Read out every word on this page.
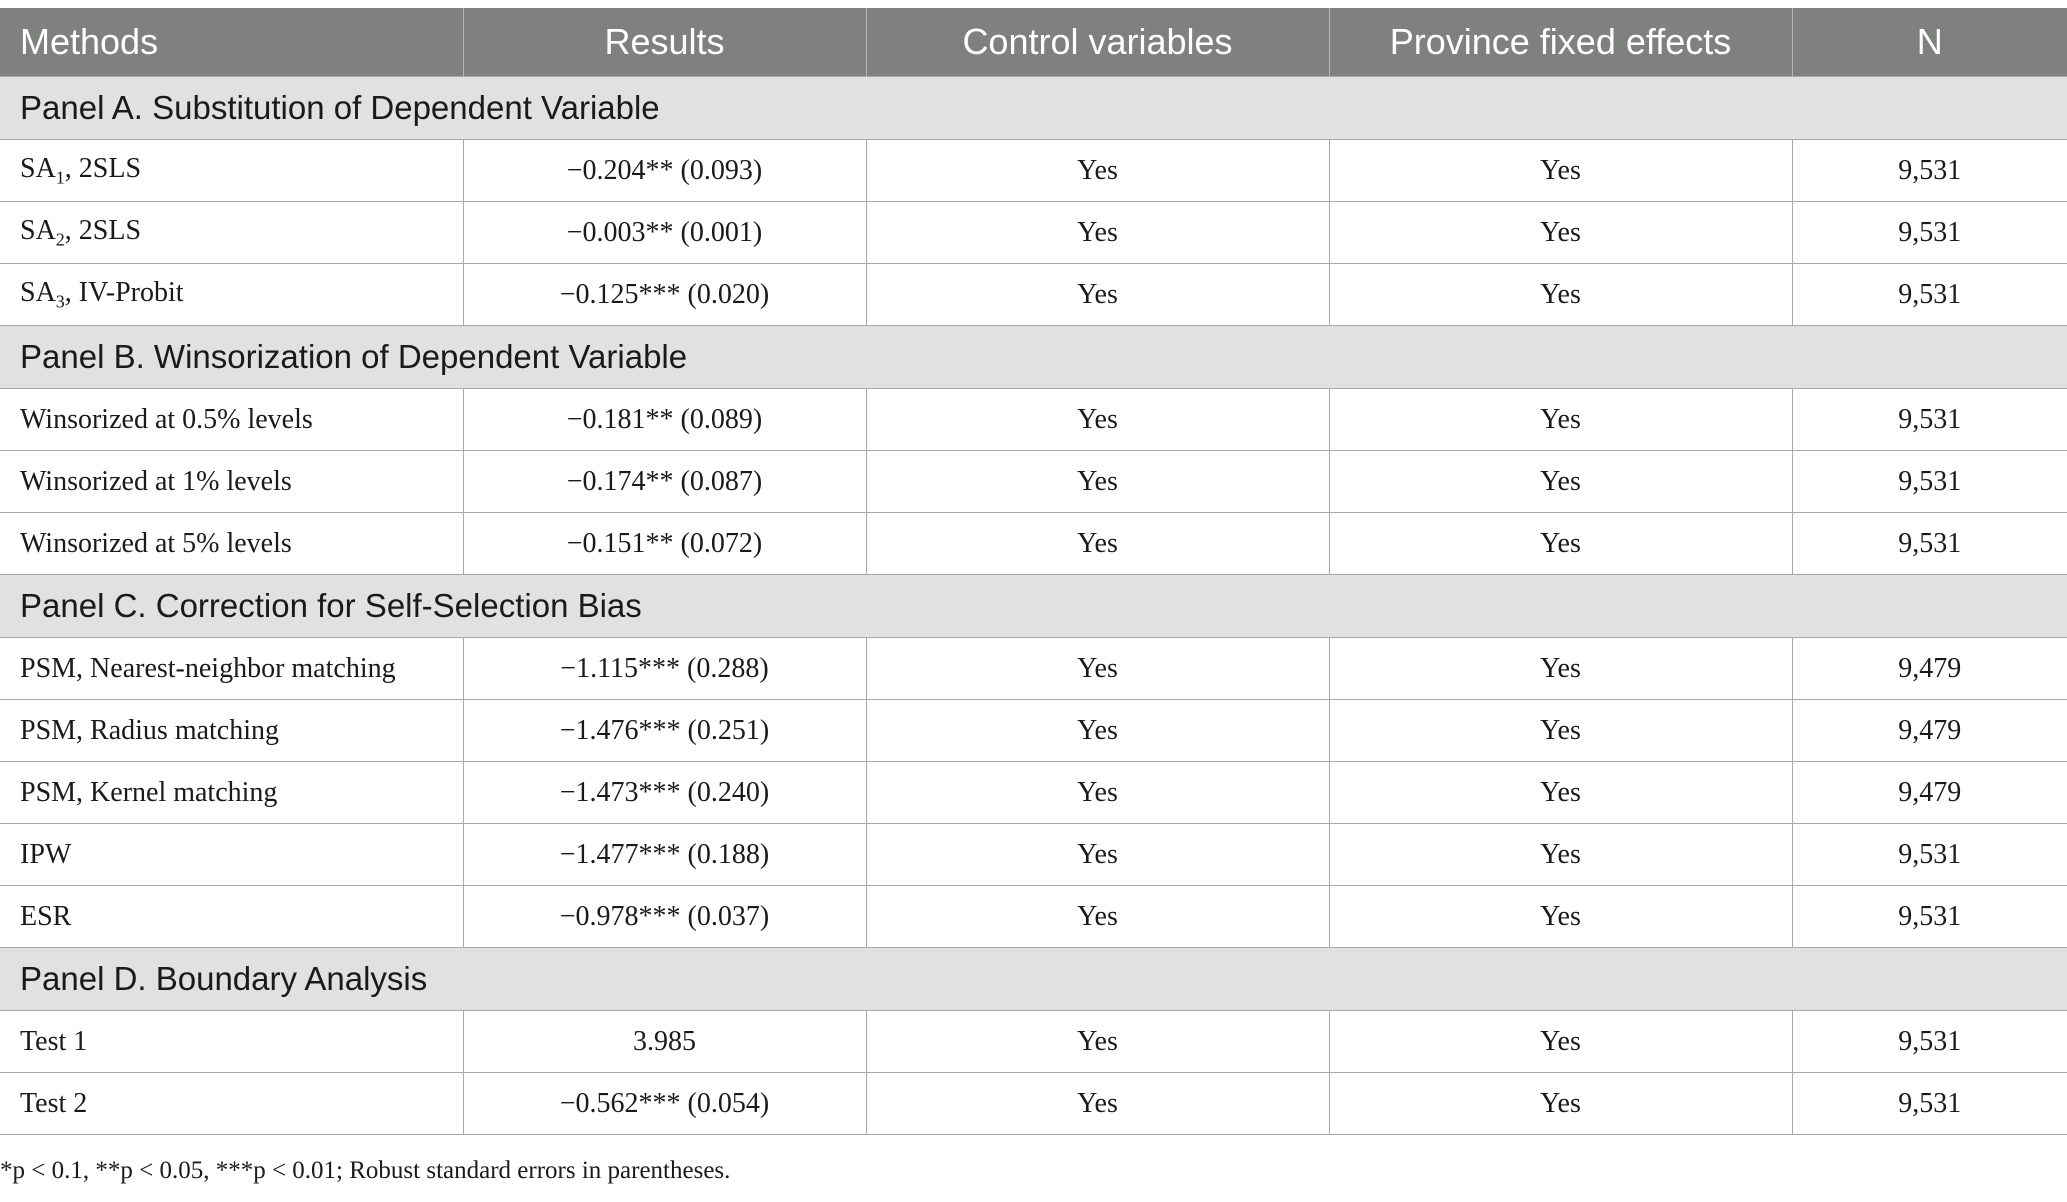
Methods	Results	Control variables	Province fixed effects	N
Panel A. Substitution of Dependent Variable				
$SA_1$, 2SLS	−0.204** (0.093)	Yes	Yes	9,531
$SA_2$, 2SLS	−0.003** (0.001)	Yes	Yes	9,531
$SA_3$, IV-Probit	−0.125*** (0.020)	Yes	Yes	9,531
Panel B. Winsorization of Dependent Variable				
Winsorized at 0.5% levels	−0.181** (0.089)	Yes	Yes	9,531
Winsorized at 1% levels	−0.174** (0.087)	Yes	Yes	9,531
Winsorized at 5% levels	−0.151** (0.072)	Yes	Yes	9,531
Panel C. Correction for Self-Selection Bias				
PSM, Nearest-neighbor matching	−1.115*** (0.288)	Yes	Yes	9,479
PSM, Radius matching	−1.476*** (0.251)	Yes	Yes	9,479
PSM, Kernel matching	−1.473*** (0.240)	Yes	Yes	9,479
IPW	−1.477*** (0.188)	Yes	Yes	9,531
ESR	−0.978*** (0.037)	Yes	Yes	9,531
Panel D. Boundary Analysis				
Test 1	3.985	Yes	Yes	9,531
Test 2	−0.562*** (0.054)	Yes	Yes	9,531
*p < 0.1, **p < 0.05, ***p < 0.01; Robust standard errors in parentheses.
